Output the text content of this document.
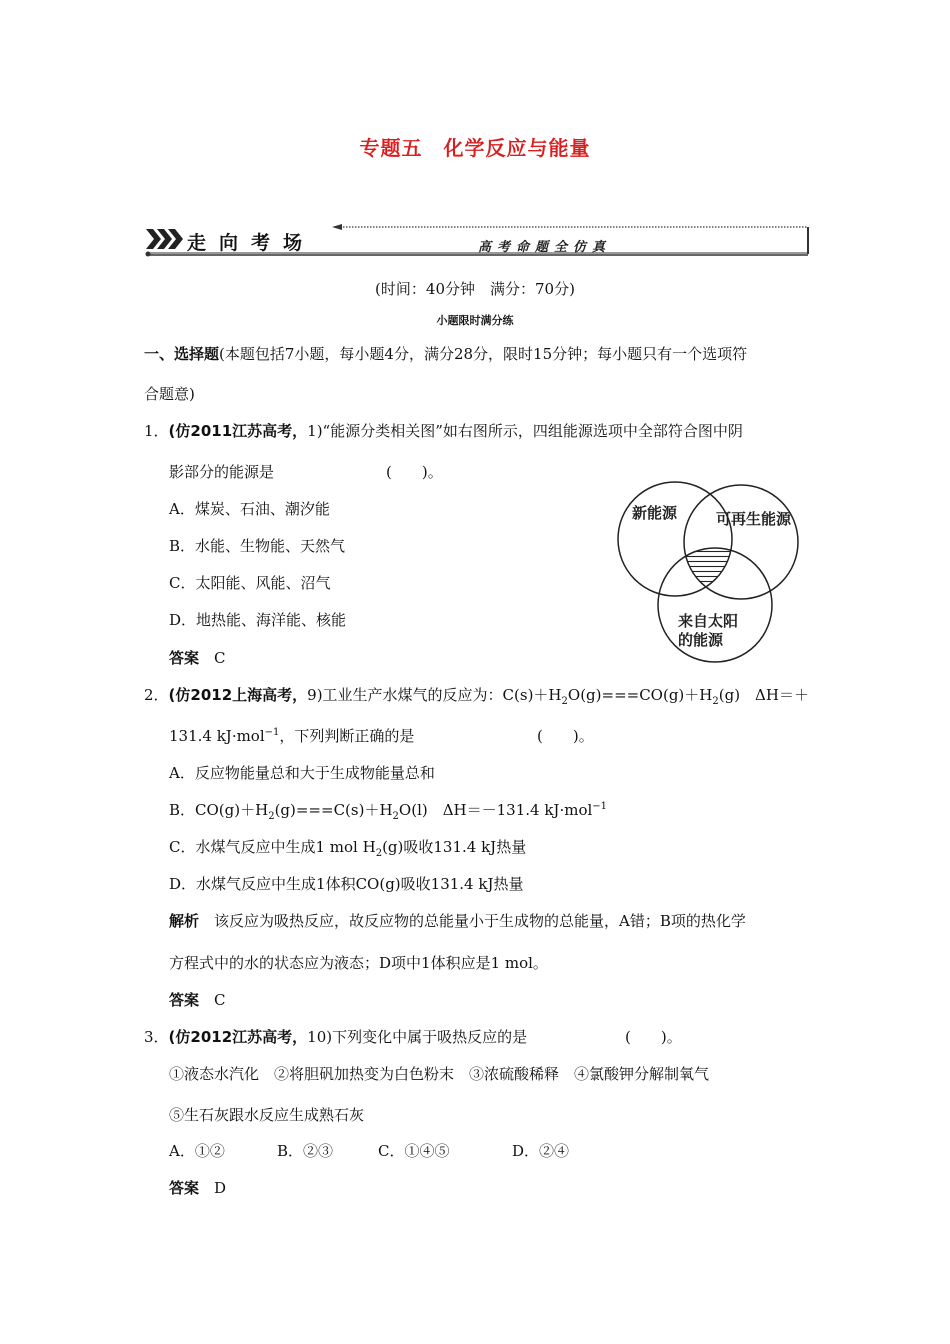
专题五　化学反应与能量
走向考场	高考命题全仿真
(时间：40分钟　满分：70分)
小题限时满分练
一、选择题(本题包括7小题，每小题4分，满分28分，限时15分钟；每小题只有一个选项符
合题意)
1．(仿2011江苏高考，1)“能源分类相关图”如右图所示，四组能源选项中全部符合图中阴
影部分的能源是	(　　)。
A．煤炭、石油、潮汐能
B．水能、生物能、天然气
C．太阳能、风能、沼气
D．地热能、海洋能、核能
答案　 C
新能源	可再生能源
来自太阳
的能源
2．(仿2012上海高考，9)工业生产水煤气的反应为：$C(s)+H_2O(g)===CO(g)+H_2(g)$　ΔH＝＋
131.4 kJ·mol$^{-1}$，下列判断正确的是	(　　)。
A．反应物能量总和大于生成物能量总和
B．$CO(g)+H_2(g)===C(s)+H_2O(l)$　ΔH＝－131.4 kJ·mol$^{-1}$
C．水煤气反应中生成1 mol $H_2(g)$吸收131.4 kJ热量
D．水煤气反应中生成1体积CO(g)吸收131.4 kJ热量
解析　 该反应为吸热反应，故反应物的总能量小于生成物的总能量，A错；B项的热化学
方程式中的水的状态应为液态；D项中1体积应是1 mol。
答案　 C
3．(仿2012江苏高考，10)下列变化中属于吸热反应的是	(　　)。
①液态水汽化　②将胆矾加热变为白色粉末　③浓硫酸稀释　④氯酸钾分解制氧气
⑤生石灰跟水反应生成熟石灰
A．①②	B．②③	C．①④⑤	D．②④
答案　 D
